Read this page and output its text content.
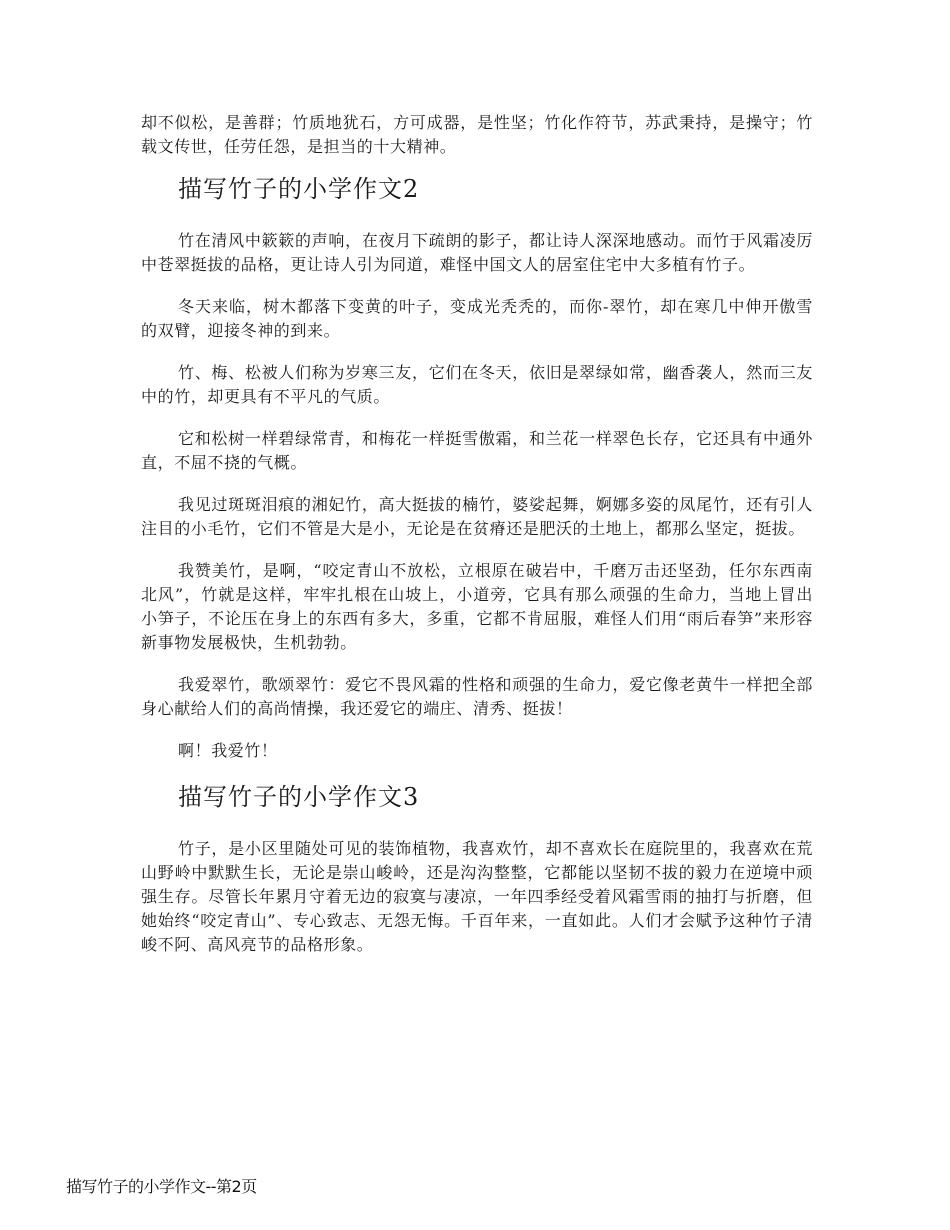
却不似松，是善群；竹质地犹石，方可成器，是性坚；竹化作符节，苏武秉持，是操守；竹载文传世，任劳任怨，是担当的十大精神。

描写竹子的小学作文2

竹在清风中簌簌的声响，在夜月下疏朗的影子，都让诗人深深地感动。而竹于风霜凌厉中苍翠挺拔的品格，更让诗人引为同道，难怪中国文人的居室住宅中大多植有竹子。

冬天来临，树木都落下变黄的叶子，变成光秃秃的，而你-翠竹，却在寒几中伸开傲雪的双臂，迎接冬神的到来。

竹、梅、松被人们称为岁寒三友，它们在冬天，依旧是翠绿如常，幽香袭人，然而三友中的竹，却更具有不平凡的气质。

它和松树一样碧绿常青，和梅花一样挺雪傲霜，和兰花一样翠色长存，它还具有中通外直，不屈不挠的气概。

我见过斑斑泪痕的湘妃竹，高大挺拔的楠竹，婆娑起舞，婀娜多姿的凤尾竹，还有引人注目的小毛竹，它们不管是大是小，无论是在贫瘠还是肥沃的土地上，都那么坚定，挺拔。

我赞美竹，是啊，“咬定青山不放松，立根原在破岩中，千磨万击还坚劲，任尔东西南北风”，竹就是这样，牢牢扎根在山坡上，小道旁，它具有那么顽强的生命力，当地上冒出小笋子，不论压在身上的东西有多大，多重，它都不肯屈服，难怪人们用“雨后春笋”来形容新事物发展极快，生机勃勃。

我爱翠竹，歌颂翠竹：爱它不畏风霜的性格和顽强的生命力，爱它像老黄牛一样把全部身心献给人们的高尚情操，我还爱它的端庄、清秀、挺拔！

啊！我爱竹！

描写竹子的小学作文3

竹子，是小区里随处可见的装饰植物，我喜欢竹，却不喜欢长在庭院里的，我喜欢在荒山野岭中默默生长，无论是崇山峻岭，还是沟沟整整，它都能以坚韧不拔的毅力在逆境中顽强生存。尽管长年累月守着无边的寂寞与凄凉，一年四季经受着风霜雪雨的抽打与折磨，但她始终“咬定青山”、专心致志、无怨无悔。千百年来，一直如此。人们才会赋予这种竹子清峻不阿、高风亮节的品格形象。

描写竹子的小学作文--第2页
